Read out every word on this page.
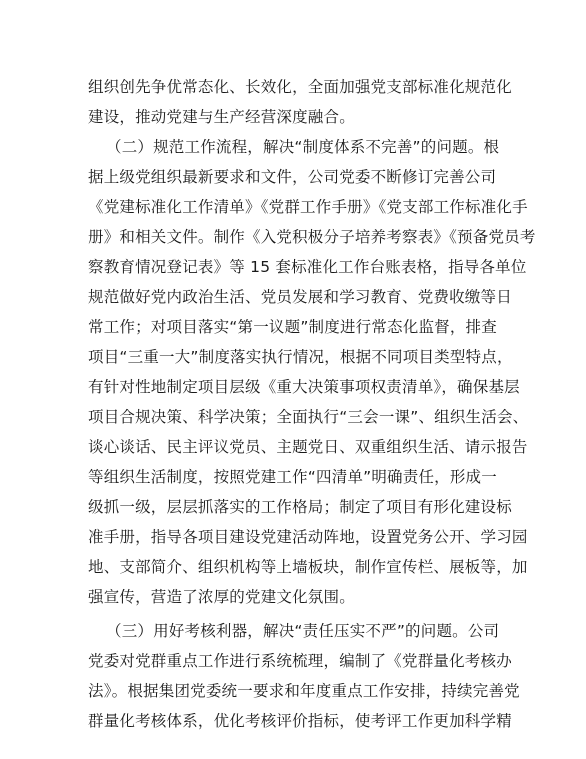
组织创先争优常态化、长效化，全面加强党支部标准化规范化
建设，推动党建与生产经营深度融合。
（二）规范工作流程，解决“制度体系不完善”的问题。根
据上级党组织最新要求和文件，公司党委不断修订完善公司
《党建标准化工作清单》《党群工作手册》《党支部工作标准化手
册》和相关文件。制作《入党积极分子培养考察表》《预备党员考
察教育情况登记表》等 15 套标准化工作台账表格，指导各单位
规范做好党内政治生活、党员发展和学习教育、党费收缴等日
常工作；对项目落实“第一议题”制度进行常态化监督，排查
项目“三重一大”制度落实执行情况，根据不同项目类型特点，
有针对性地制定项目层级《重大决策事项权责清单》，确保基层
项目合规决策、科学决策；全面执行“三会一课”、组织生活会、
谈心谈话、民主评议党员、主题党日、双重组织生活、请示报告
等组织生活制度，按照党建工作“四清单”明确责任，形成一
级抓一级，层层抓落实的工作格局；制定了项目有形化建设标
准手册，指导各项目建设党建活动阵地，设置党务公开、学习园
地、支部简介、组织机构等上墙板块，制作宣传栏、展板等，加
强宣传，营造了浓厚的党建文化氛围。
（三）用好考核利器，解决“责任压实不严”的问题。公司
党委对党群重点工作进行系统梳理，编制了《党群量化考核办
法》。根据集团党委统一要求和年度重点工作安排，持续完善党
群量化考核体系，优化考核评价指标，使考评工作更加科学精
